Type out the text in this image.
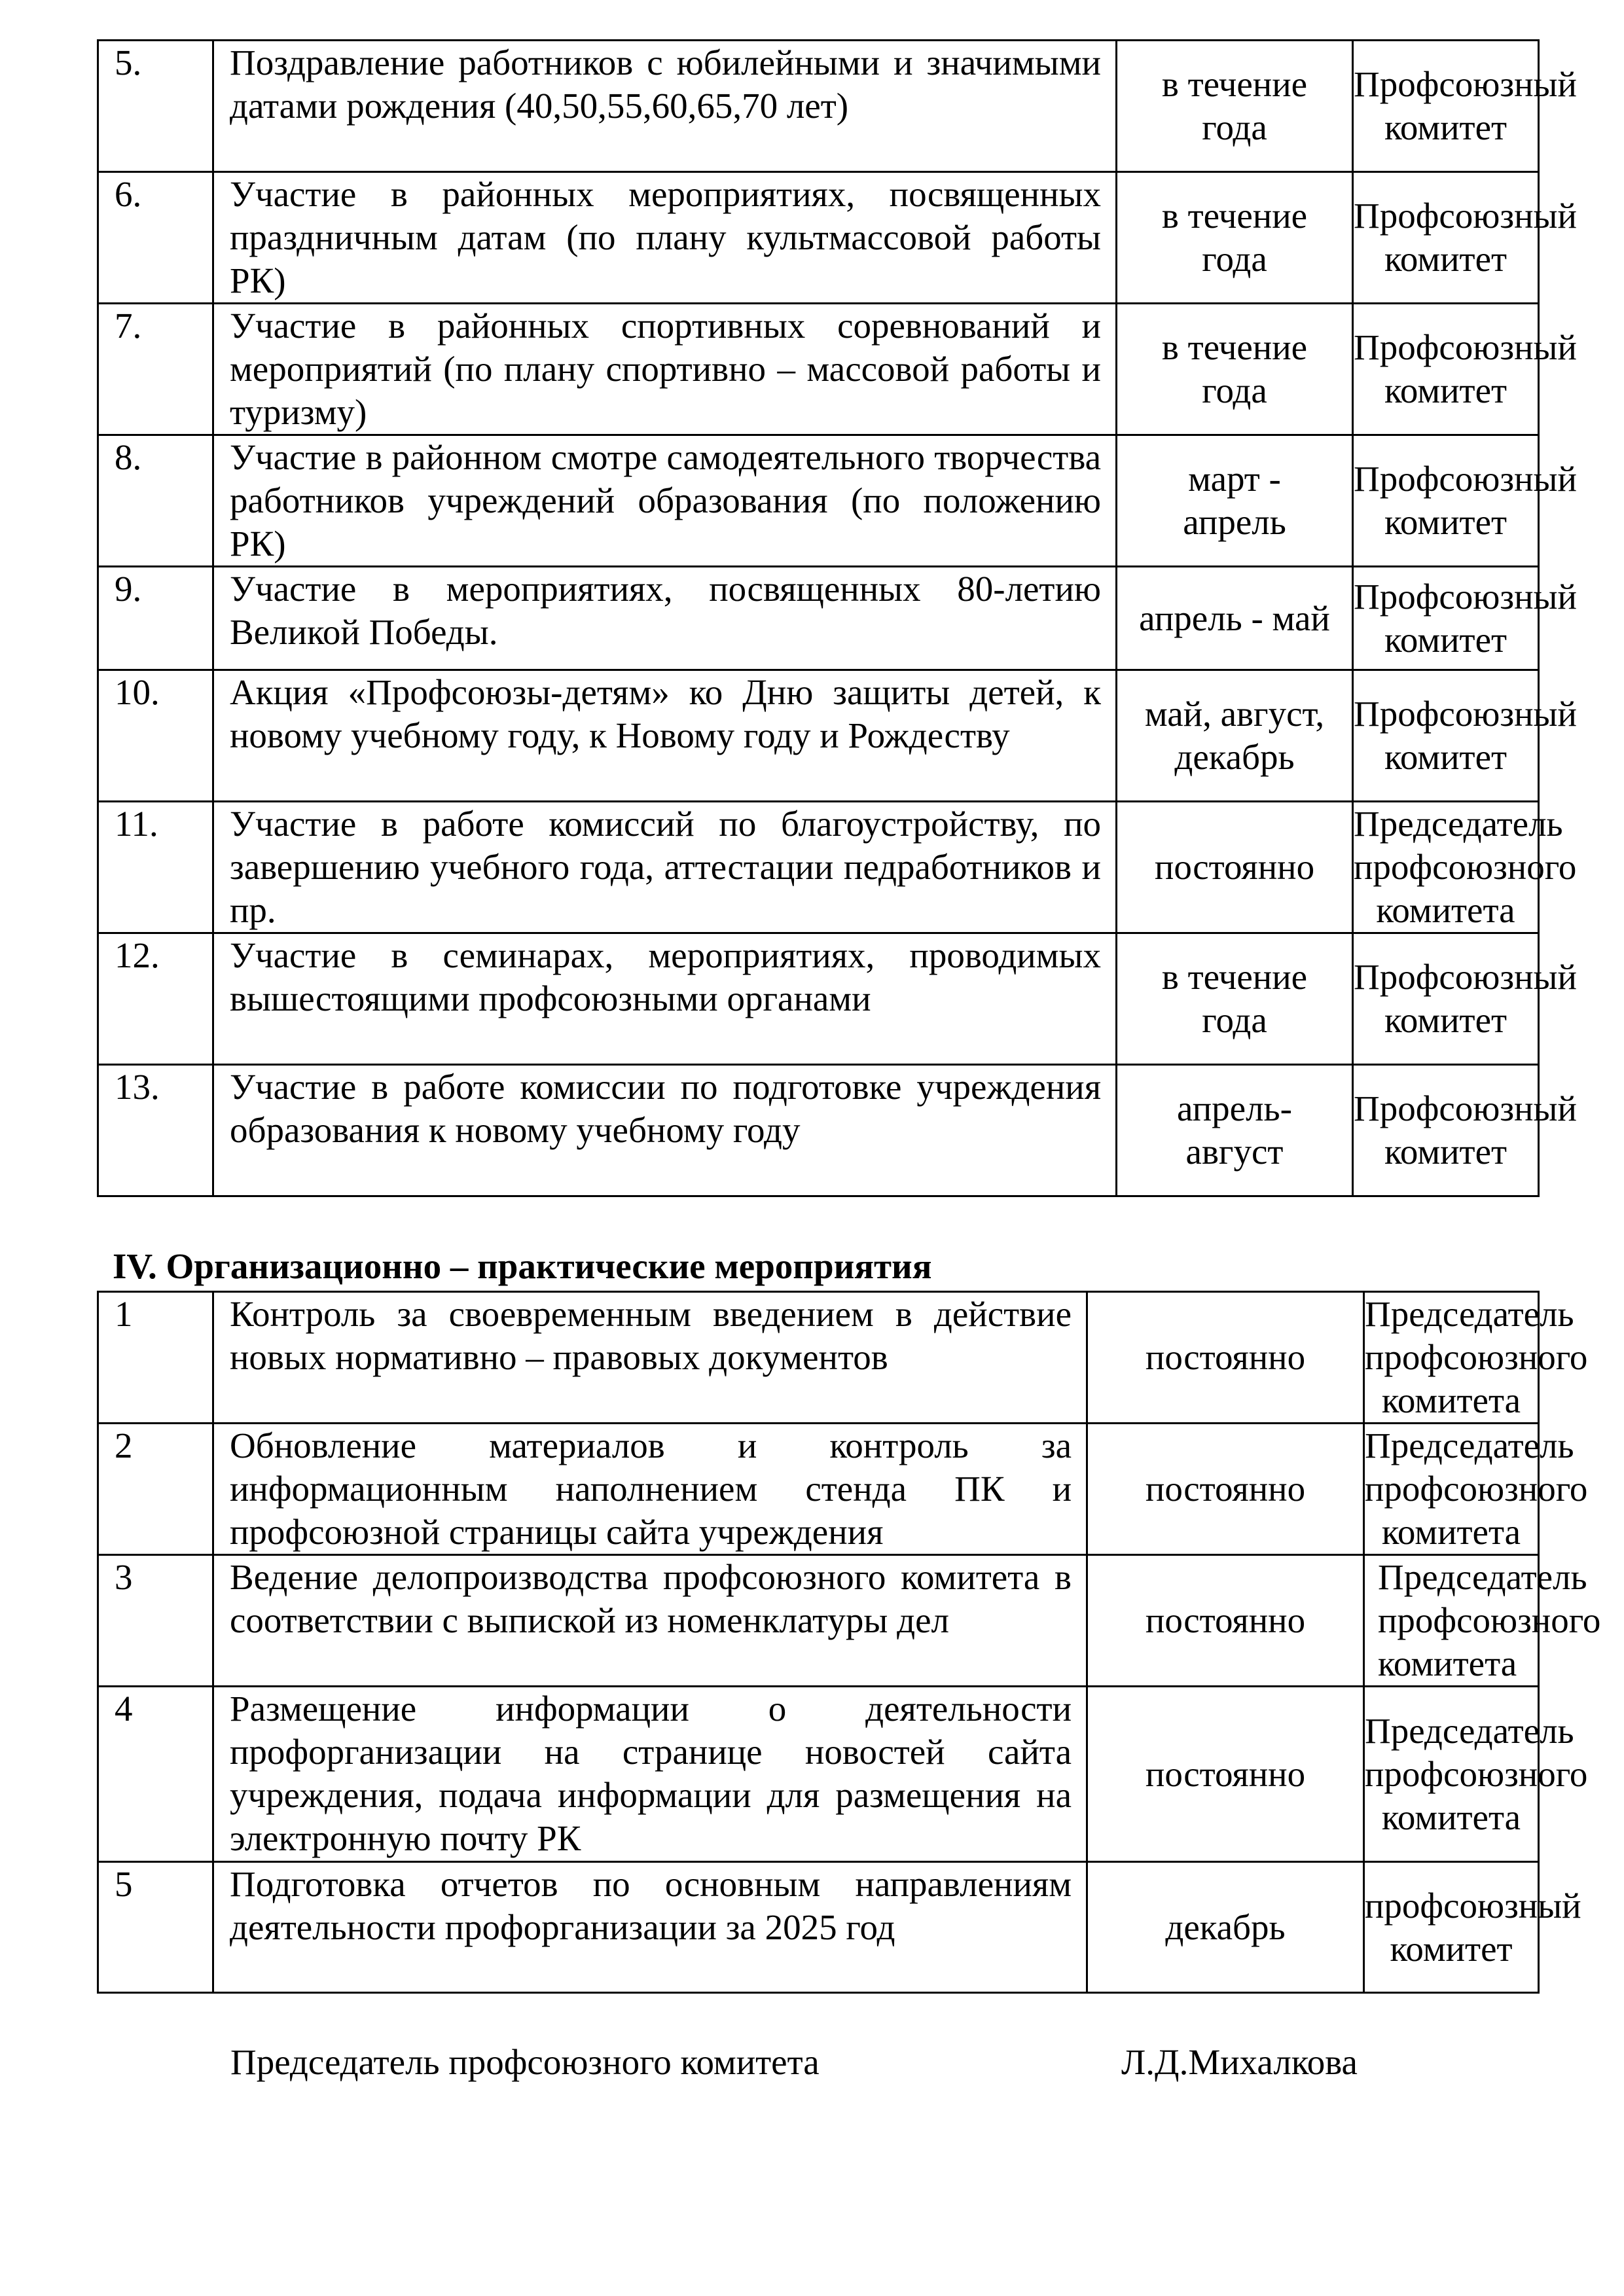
5.	Поздравление работников с юбилейными и значимыми датами рождения (40,50,55,60,65,70 лет)	в течение
года	Профсоюзный
комитет
6.	Участие в районных мероприятиях, посвященных праздничным датам (по плану культмассовой работы РК)	в течение
года	Профсоюзный
комитет
7.	Участие в районных спортивных соревнований и мероприятий (по плану спортивно – массовой работы и туризму)	в течение
года	Профсоюзный
комитет
8.	Участие в районном смотре самодеятельного творчества работников учреждений образования (по положению РК)	март -
апрель	Профсоюзный
комитет
9.	Участие в мероприятиях, посвященных 80-летию Великой Победы.	апрель - май	Профсоюзный
комитет
10.	Акция «Профсоюзы-детям» ко Дню защиты детей, к новому учебному году, к Новому году и Рождеству	май, август,
декабрь	Профсоюзный
комитет
11.	Участие в работе комиссий по благоустройству, по завершению учебного года, аттестации педработников и пр.	постоянно	Председатель
профсоюзного
комитета
12.	Участие в семинарах, мероприятиях, проводимых вышестоящими профсоюзными органами	в течение
года	Профсоюзный
комитет
13.	Участие в работе комиссии по подготовке учреждения образования к новому учебному году	апрель-
август	Профсоюзный
комитет
IV. Организационно – практические мероприятия
1	Контроль за своевременным введением в действие новых нормативно – правовых документов	постоянно	Председатель
профсоюзного
комитета
2	Обновление материалов и контроль за информационным наполнением стенда ПК и профсоюзной страницы сайта учреждения	постоянно	Председатель
профсоюзного
комитета
3	Ведение делопроизводства профсоюзного комитета в соответствии с выпиской из номенклатуры дел	постоянно	Председатель
профсоюзного
комитета
4	Размещение информации о деятельности профорганизации на странице новостей сайта учреждения, подача информации для размещения на электронную почту РК	постоянно	Председатель
профсоюзного
комитета
5	Подготовка отчетов по основным направлениям деятельности профорганизации за 2025 год	декабрь	профсоюзный
комитет
Председатель профсоюзного комитета	Л.Д.Михалкова
